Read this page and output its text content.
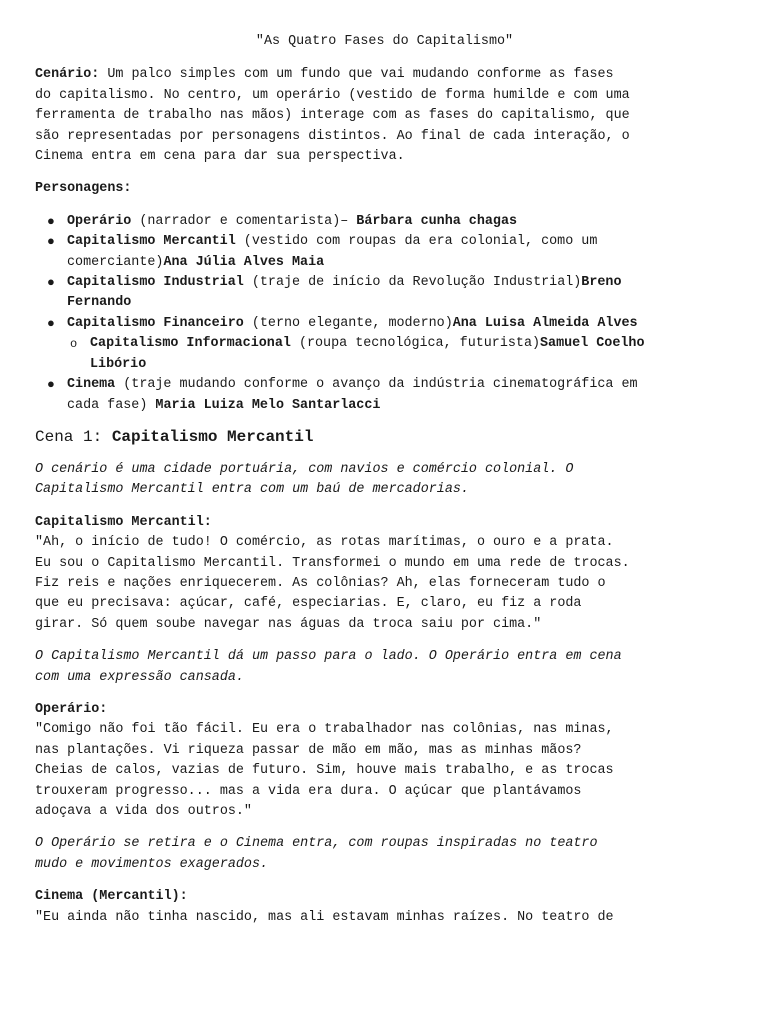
"As Quatro Fases do Capitalismo"

Cenário: Um palco simples com um fundo que vai mudando conforme as fases
do capitalismo. No centro, um operário (vestido de forma humilde e com uma
ferramenta de trabalho nas mãos) interage com as fases do capitalismo, que
são representadas por personagens distintos. Ao final de cada interação, o
Cinema entra em cena para dar sua perspectiva.

Personagens:

● Operário (narrador e comentarista)– Bárbara cunha chagas
● Capitalismo Mercantil (vestido com roupas da era colonial, como um
comerciante)Ana Júlia Alves Maia
● Capitalismo Industrial (traje de início da Revolução Industrial)Breno
Fernando
● Capitalismo Financeiro (terno elegante, moderno)Ana Luisa Almeida Alves
o Capitalismo Informacional (roupa tecnológica, futurista)Samuel Coelho
Libório
● Cinema (traje mudando conforme o avanço da indústria cinematográfica em
cada fase) Maria Luiza Melo Santarlacci

Cena 1: Capitalismo Mercantil

O cenário é uma cidade portuária, com navios e comércio colonial. O
Capitalismo Mercantil entra com um baú de mercadorias.

Capitalismo Mercantil:

"Ah, o início de tudo! O comércio, as rotas marítimas, o ouro e a prata.
Eu sou o Capitalismo Mercantil. Transformei o mundo em uma rede de trocas.
Fiz reis e nações enriquecerem. As colônias? Ah, elas forneceram tudo o
que eu precisava: açúcar, café, especiarias. E, claro, eu fiz a roda
girar. Só quem soube navegar nas águas da troca saiu por cima."

O Capitalismo Mercantil dá um passo para o lado. O Operário entra em cena
com uma expressão cansada.

Operário:

"Comigo não foi tão fácil. Eu era o trabalhador nas colônias, nas minas,
nas plantações. Vi riqueza passar de mão em mão, mas as minhas mãos?
Cheias de calos, vazias de futuro. Sim, houve mais trabalho, e as trocas
trouxeram progresso... mas a vida era dura. O açúcar que plantávamos
adoçava a vida dos outros."

O Operário se retira e o Cinema entra, com roupas inspiradas no teatro
mudo e movimentos exagerados.

Cinema (Mercantil):

"Eu ainda não tinha nascido, mas ali estavam minhas raízes. No teatro de
